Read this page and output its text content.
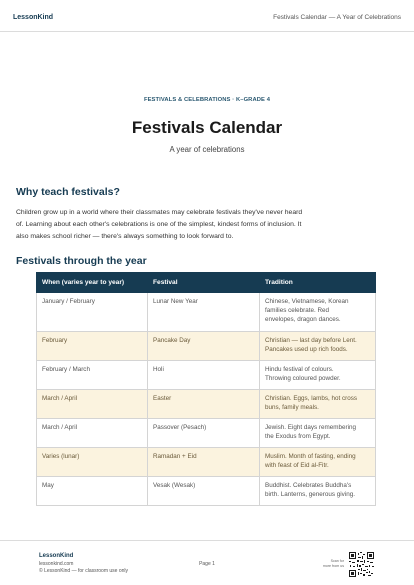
LessonKind	Festivals Calendar — A Year of Celebrations
FESTIVALS & CELEBRATIONS · K–GRADE 4
Festivals Calendar
A year of celebrations
Why teach festivals?

Children grow up in a world where their classmates may celebrate festivals they've never heard
of. Learning about each other's celebrations is one of the simplest, kindest forms of inclusion. It
also makes school richer — there's always something to look forward to.

Festivals through the year
When (varies year to year)	Festival	Tradition
January / February	Lunar New Year	Chinese, Vietnamese, Korean
families celebrate. Red
envelopes, dragon dances.
February	Pancake Day	Christian — last day before Lent.
Pancakes used up rich foods.
February / March	Holi	Hindu festival of colours.
Throwing coloured powder.
March / April	Easter	Christian. Eggs, lambs, hot cross
buns, family meals.
March / April	Passover (Pesach)	Jewish. Eight days remembering
the Exodus from Egypt.
Varies (lunar)	Ramadan + Eid	Muslim. Month of fasting, ending
with feast of Eid al-Fitr.
May	Vesak (Wesak)	Buddhist. Celebrates Buddha's
birth. Lanterns, generous giving.
LessonKind
lessonkind.com
© LessonKind — for classroom use only
Page 1	Scan for
more from us
